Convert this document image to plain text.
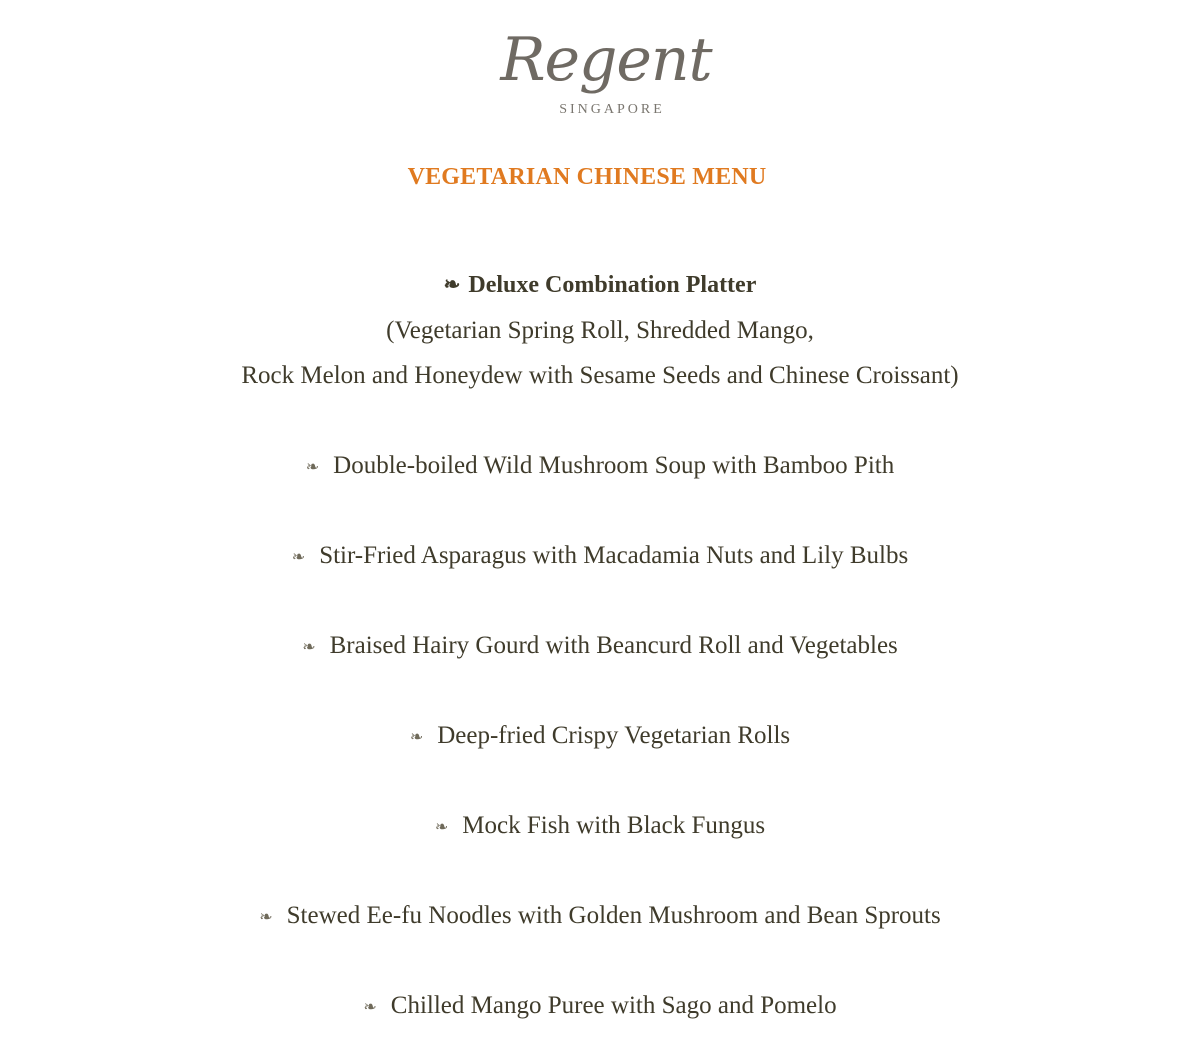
Regent
SINGAPORE
VEGETARIAN CHINESE MENU
❧ Deluxe Combination Platter
(Vegetarian Spring Roll, Shredded Mango,
Rock Melon and Honeydew with Sesame Seeds and Chinese Croissant)
❧ Double-boiled Wild Mushroom Soup with Bamboo Pith
❧ Stir-Fried Asparagus with Macadamia Nuts and Lily Bulbs
❧ Braised Hairy Gourd with Beancurd Roll and Vegetables
❧ Deep-fried Crispy Vegetarian Rolls
❧ Mock Fish with Black Fungus
❧ Stewed Ee-fu Noodles with Golden Mushroom and Bean Sprouts
❧ Chilled Mango Puree with Sago and Pomelo
